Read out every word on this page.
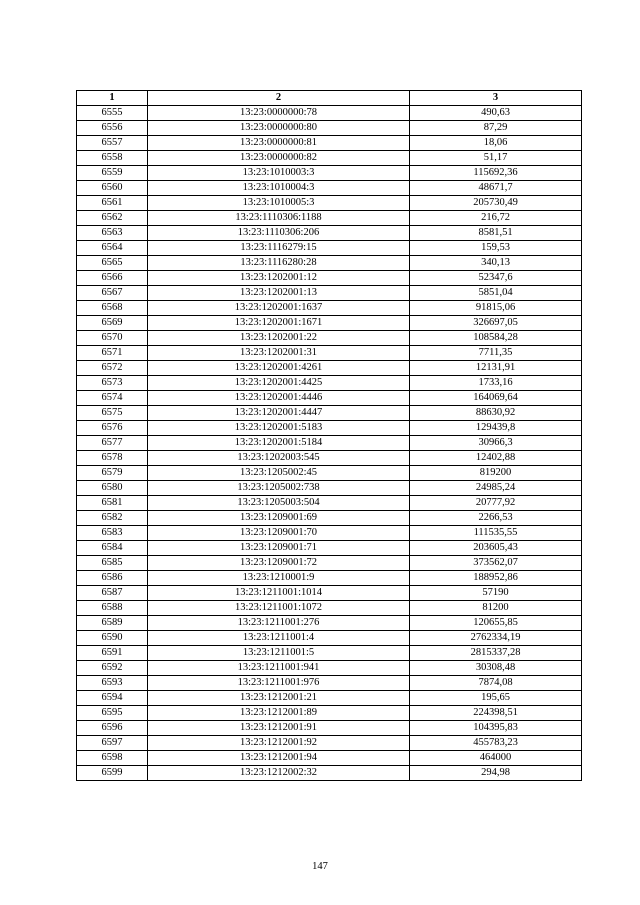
1	2	3
6555	13:23:0000000:78	490,63
6556	13:23:0000000:80	87,29
6557	13:23:0000000:81	18,06
6558	13:23:0000000:82	51,17
6559	13:23:1010003:3	115692,36
6560	13:23:1010004:3	48671,7
6561	13:23:1010005:3	205730,49
6562	13:23:1110306:1188	216,72
6563	13:23:1110306:206	8581,51
6564	13:23:1116279:15	159,53
6565	13:23:1116280:28	340,13
6566	13:23:1202001:12	52347,6
6567	13:23:1202001:13	5851,04
6568	13:23:1202001:1637	91815,06
6569	13:23:1202001:1671	326697,05
6570	13:23:1202001:22	108584,28
6571	13:23:1202001:31	7711,35
6572	13:23:1202001:4261	12131,91
6573	13:23:1202001:4425	1733,16
6574	13:23:1202001:4446	164069,64
6575	13:23:1202001:4447	88630,92
6576	13:23:1202001:5183	129439,8
6577	13:23:1202001:5184	30966,3
6578	13:23:1202003:545	12402,88
6579	13:23:1205002:45	819200
6580	13:23:1205002:738	24985,24
6581	13:23:1205003:504	20777,92
6582	13:23:1209001:69	2266,53
6583	13:23:1209001:70	111535,55
6584	13:23:1209001:71	203605,43
6585	13:23:1209001:72	373562,07
6586	13:23:1210001:9	188952,86
6587	13:23:1211001:1014	57190
6588	13:23:1211001:1072	81200
6589	13:23:1211001:276	120655,85
6590	13:23:1211001:4	2762334,19
6591	13:23:1211001:5	2815337,28
6592	13:23:1211001:941	30308,48
6593	13:23:1211001:976	7874,08
6594	13:23:1212001:21	195,65
6595	13:23:1212001:89	224398,51
6596	13:23:1212001:91	104395,83
6597	13:23:1212001:92	455783,23
6598	13:23:1212001:94	464000
6599	13:23:1212002:32	294,98
147
